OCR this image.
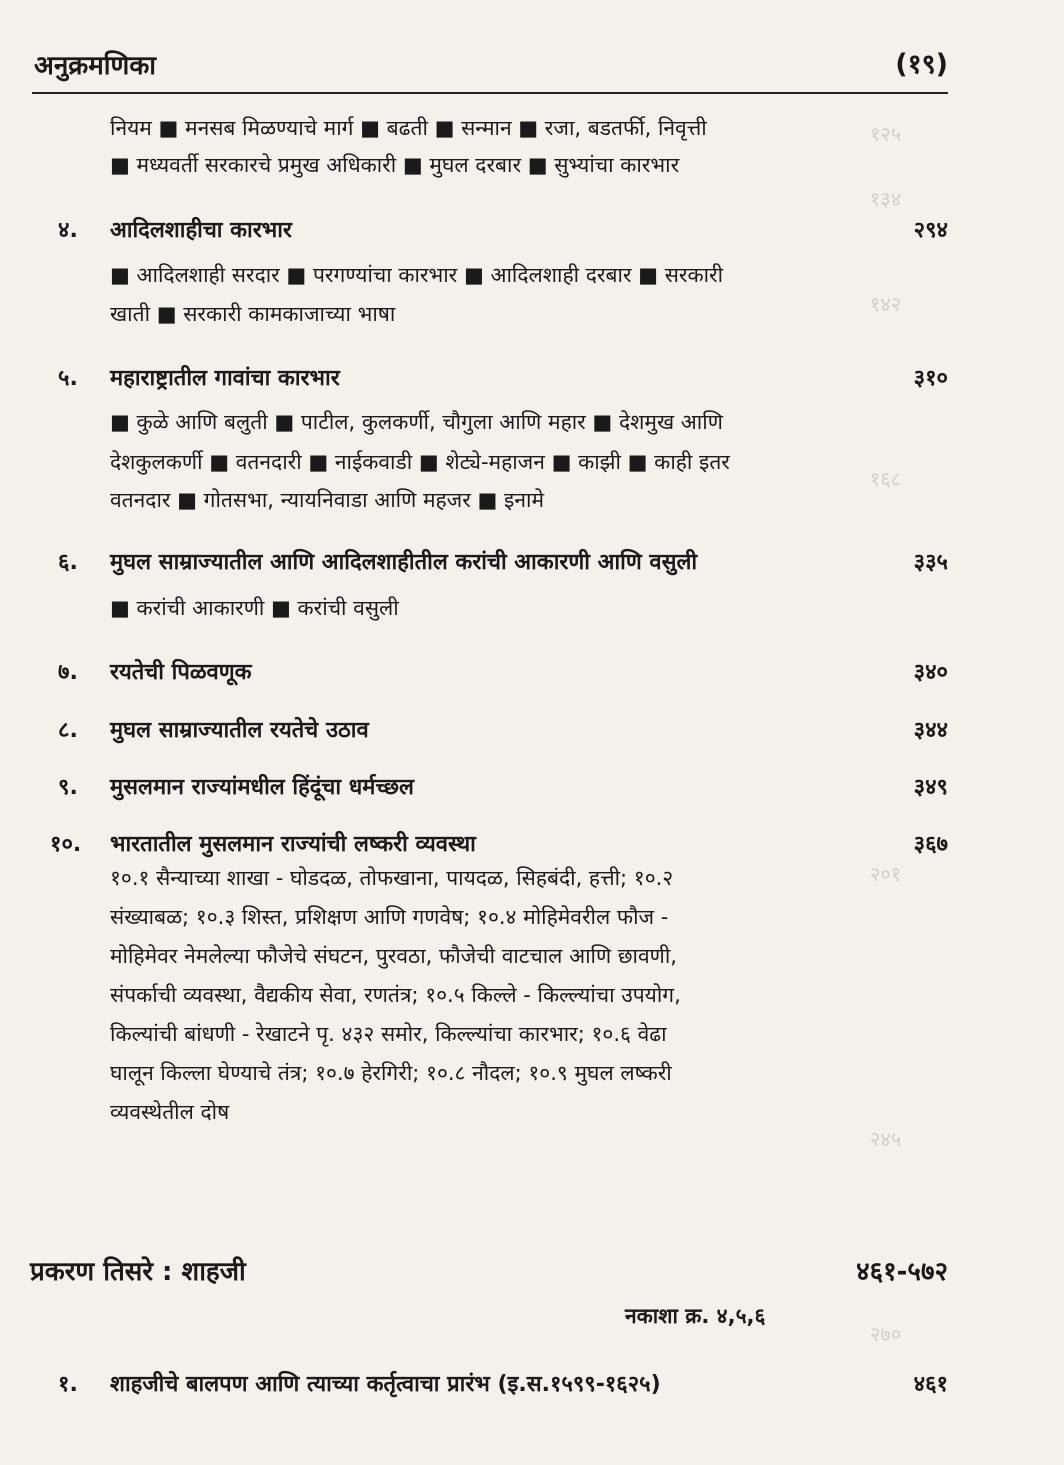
१२५
१३४
१४२
१६८
२०१
२४५
२७०
अनुक्रमणिका	(१९)
नियम ■ मनसब मिळण्याचे मार्ग ■ बढती ■ सन्मान ■ रजा, बडतर्फी, निवृत्ती
■ मध्यवर्ती सरकारचे प्रमुख अधिकारी ■ मुघल दरबार ■ सुभ्यांचा कारभार
४. आदिलशाहीचा कारभार	२९४
■ आदिलशाही सरदार ■ परगण्यांचा कारभार ■ आदिलशाही दरबार ■ सरकारी
खाती ■ सरकारी कामकाजाच्या भाषा
५. महाराष्ट्रातील गावांचा कारभार	३१०
■ कुळे आणि बलुती ■ पाटील, कुलकर्णी, चौगुला आणि महार ■ देशमुख आणि
देशकुलकर्णी ■ वतनदारी ■ नाईकवाडी ■ शेट्ये-महाजन ■ काझी ■ काही इतर
वतनदार ■ गोतसभा, न्यायनिवाडा आणि महजर ■ इनामे
६. मुघल साम्राज्यातील आणि आदिलशाहीतील करांची आकारणी आणि वसुली	३३५
■ करांची आकारणी ■ करांची वसुली
७. रयतेची पिळवणूक	३४०
८. मुघल साम्राज्यातील रयतेचे उठाव	३४४
९. मुसलमान राज्यांमधील हिंदूंचा धर्मच्छल	३४९
१०. भारतातील मुसलमान राज्यांची लष्करी व्यवस्था	३६७
१०.१ सैन्याच्या शाखा - घोडदळ, तोफखाना, पायदळ, सिहबंदी, हत्ती; १०.२
संख्याबळ; १०.३ शिस्त, प्रशिक्षण आणि गणवेष; १०.४ मोहिमेवरील फौज -
मोहिमेवर नेमलेल्या फौजेचे संघटन, पुरवठा, फौजेची वाटचाल आणि छावणी,
संपर्काची व्यवस्था, वैद्यकीय सेवा, रणतंत्र; १०.५ किल्ले - किल्ल्यांचा उपयोग,
किल्यांची बांधणी - रेखाटने पृ. ४३२ समोर, किल्ल्यांचा कारभार; १०.६ वेढा
घालून किल्ला घेण्याचे तंत्र; १०.७ हेरगिरी; १०.८ नौदल; १०.९ मुघल लष्करी
व्यवस्थेतील दोष
प्रकरण तिसरे : शाहजी	४६१-५७२
नकाशा क्र. ४,५,६
१. शाहजीचे बालपण आणि त्याच्या कर्तृत्वाचा प्रारंभ (इ.स.१५९९-१६२५)	४६१
